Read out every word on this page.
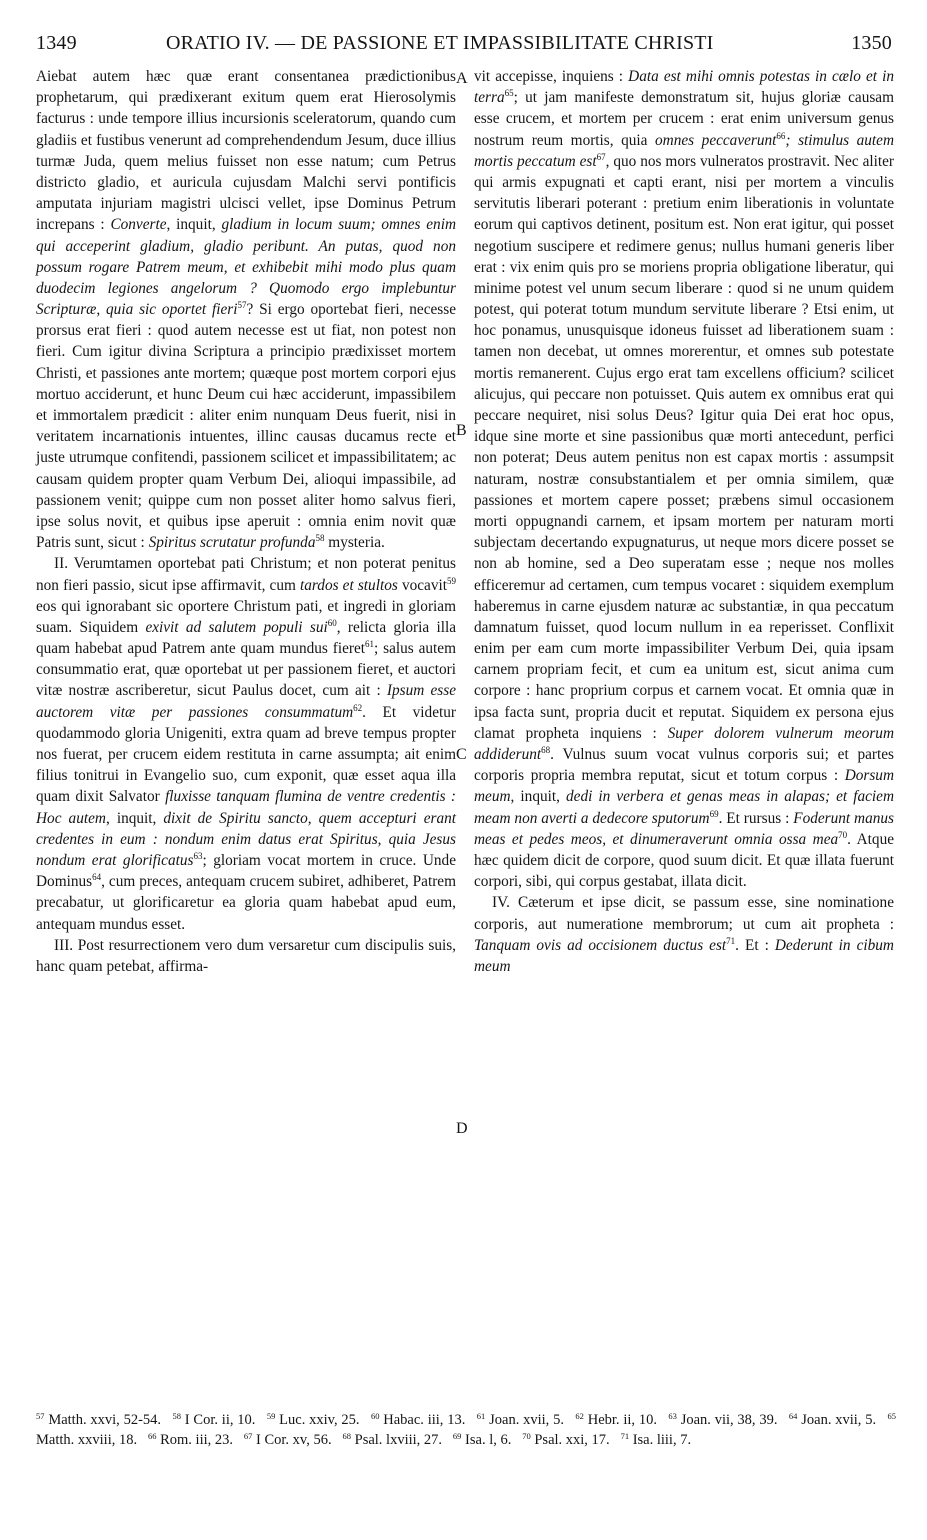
1349	ORATIO IV. — DE PASSIONE ET IMPASSIBILITATE CHRISTI	1350
A
B
C
D

Aiebat autem hæc quæ erant consentanea prædictionibus prophetarum, qui prædixerant exitum quem erat Hierosolymis facturus : unde tempore illius incursionis sceleratorum, quando cum gladiis et fustibus venerunt ad comprehendendum Jesum, duce illius turmæ Juda, quem melius fuisset non esse natum; cum Petrus districto gladio, et auricula cujusdam Malchi servi pontificis amputata injuriam magistri ulcisci vellet, ipse Dominus Petrum increpans : Converte, inquit, gladium in locum suum; omnes enim qui acceperint gladium, gladio peribunt. An putas, quod non possum rogare Patrem meum, et exhibebit mihi modo plus quam duodecim legiones angelorum ? Quomodo ergo implebuntur Scripturæ, quia sic oportet fieri$^{57}$? Si ergo oportebat fieri, necesse prorsus erat fieri : quod autem necesse est ut fiat, non potest non fieri. Cum igitur divina Scriptura a principio prædixisset mortem Christi, et passiones ante mortem; quæque post mortem corpori ejus mortuo acciderunt, et hunc Deum cui hæc acciderunt, impassibilem et immortalem prædicit : aliter enim nunquam Deus fuerit, nisi in veritatem incarnationis intuentes, illinc causas ducamus recte et juste utrumque confitendi, passionem scilicet et impassibilitatem; ac causam quidem propter quam Verbum Dei, alioqui impassibile, ad passionem venit; quippe cum non posset aliter homo salvus fieri, ipse solus novit, et quibus ipse aperuit : omnia enim novit quæ Patris sunt, sicut : Spiritus scrutatur profunda$^{58}$ mysteria.

II. Verumtamen oportebat pati Christum; et non poterat penitus non fieri passio, sicut ipse affirmavit, cum tardos et stultos vocavit$^{59}$ eos qui ignorabant sic oportere Christum pati, et ingredi in gloriam suam. Siquidem exivit ad salutem populi sui$^{60}$, relicta gloria illa quam habebat apud Patrem ante quam mundus fieret$^{61}$; salus autem consummatio erat, quæ oportebat ut per passionem fieret, et auctori vitæ nostræ ascriberetur, sicut Paulus docet, cum ait : Ipsum esse auctorem vitæ per passiones consummatum$^{62}$. Et videtur quodammodo gloria Unigeniti, extra quam ad breve tempus propter nos fuerat, per crucem eidem restituta in carne assumpta; ait enim filius tonitrui in Evangelio suo, cum exponit, quæ esset aqua illa quam dixit Salvator fluxisse tanquam flumina de ventre credentis : Hoc autem, inquit, dixit de Spiritu sancto, quem accepturi erant credentes in eum : nondum enim datus erat Spiritus, quia Jesus nondum erat glorificatus$^{63}$; gloriam vocat mortem in cruce. Unde Dominus$^{64}$, cum preces, antequam crucem subiret, adhiberet, Patrem precabatur, ut glorificaretur ea gloria quam habebat apud eum, antequam mundus esset.

III. Post resurrectionem vero dum versaretur cum discipulis suis, hanc quam petebat, affirma-

vit accepisse, inquiens : Data est mihi omnis potestas in cælo et in terra$^{65}$; ut jam manifeste demonstratum sit, hujus gloriæ causam esse crucem, et mortem per crucem : erat enim universum genus nostrum reum mortis, quia omnes peccaverunt$^{66}$; stimulus autem mortis peccatum est$^{67}$, quo nos mors vulneratos prostravit. Nec aliter qui armis expugnati et capti erant, nisi per mortem a vinculis servitutis liberari poterant : pretium enim liberationis in voluntate eorum qui captivos detinent, positum est. Non erat igitur, qui posset negotium suscipere et redimere genus; nullus humani generis liber erat : vix enim quis pro se moriens propria obligatione liberatur, qui minime potest vel unum secum liberare : quod si ne unum quidem potest, qui poterat totum mundum servitute liberare ? Etsi enim, ut hoc ponamus, unusquisque idoneus fuisset ad liberationem suam : tamen non decebat, ut omnes morerentur, et omnes sub potestate mortis remanerent. Cujus ergo erat tam excellens officium? scilicet alicujus, qui peccare non potuisset. Quis autem ex omnibus erat qui peccare nequiret, nisi solus Deus? Igitur quia Dei erat hoc opus, idque sine morte et sine passionibus quæ morti antecedunt, perfici non poterat; Deus autem penitus non est capax mortis : assumpsit naturam, nostræ consubstantialem et per omnia similem, quæ passiones et mortem capere posset; præbens simul occasionem morti oppugnandi carnem, et ipsam mortem per naturam morti subjectam decertando expugnaturus, ut neque mors dicere posset se non ab homine, sed a Deo superatam esse ; neque nos molles efficeremur ad certamen, cum tempus vocaret : siquidem exemplum haberemus in carne ejusdem naturæ ac substantiæ, in qua peccatum damnatum fuisset, quod locum nullum in ea reperisset. Conflixit enim per eam cum morte impassibiliter Verbum Dei, quia ipsam carnem propriam fecit, et cum ea unitum est, sicut anima cum corpore : hanc proprium corpus et carnem vocat. Et omnia quæ in ipsa facta sunt, propria ducit et reputat. Siquidem ex persona ejus clamat propheta inquiens : Super dolorem vulnerum meorum addiderunt$^{68}$. Vulnus suum vocat vulnus corporis sui; et partes corporis propria membra reputat, sicut et totum corpus : Dorsum meum, inquit, dedi in verbera et genas meas in alapas; et faciem meam non averti a dedecore sputorum$^{69}$. Et rursus : Foderunt manus meas et pedes meos, et dinumeraverunt omnia ossa mea$^{70}$. Atque hæc quidem dicit de corpore, quod suum dicit. Et quæ illata fuerunt corpori, sibi, qui corpus gestabat, illata dicit.

IV. Cæterum et ipse dicit, se passum esse, sine nominatione corporis, aut numeratione membrorum; ut cum ait propheta : Tanquam ovis ad occisionem ductus est$^{71}$. Et : Dederunt in cibum meum

$^{57}$ Matth. xxvi, 52-54. $^{58}$ I Cor. ii, 10. $^{59}$ Luc. xxiv, 25. $^{60}$ Habac. iii, 13. $^{61}$ Joan. xvii, 5. $^{62}$ Hebr. ii, 10. $^{63}$ Joan. vii, 38, 39. $^{64}$ Joan. xvii, 5. $^{65}$ Matth. xxviii, 18. $^{66}$ Rom. iii, 23. $^{67}$ I Cor. xv, 56. $^{68}$ Psal. lxviii, 27. $^{69}$ Isa. l, 6. $^{70}$ Psal. xxi, 17. $^{71}$ Isa. liii, 7.
